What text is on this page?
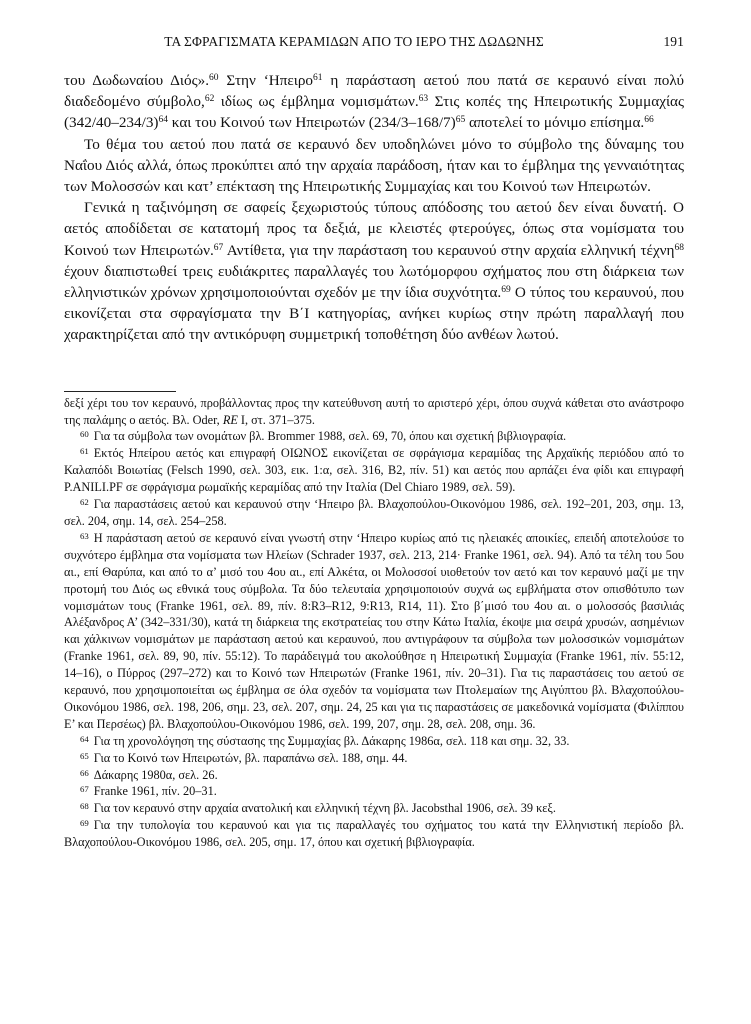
ΤΑ ΣΦΡΑΓΙΣΜΑΤΑ ΚΕΡΑΜΙΔΩΝ ΑΠΟ ΤΟ ΙΕΡΟ ΤΗΣ ΔΩΔΩΝΗΣ	191

του Δωδωναίου Διός».$^{60}$ Στην ‘Ηπειρο$^{61}$ η παράσταση αετού που πατά σε κεραυνό είναι πολύ διαδεδομένο σύμβολο,$^{62}$ ιδίως ως έμβλημα νομισμάτων.$^{63}$ Στις κοπές της Ηπειρωτικής Συμμαχίας $(342/40-234/3)^{64}$ και του Κοινού των Ηπειρωτών $(234/3-168/7)^{65}$ αποτελεί το μόνιμο επίσημα.$^{66}$

Το θέμα του αετού που πατά σε κεραυνό δεν υποδηλώνει μόνο το σύμβολο της δύναμης του Ναΐου Διός αλλά, όπως προκύπτει από την αρχαία παράδοση, ήταν και το έμβλημα της γενναιότητας των Μολοσσών και κατ’ επέκταση της Ηπειρωτικής Συμμαχίας και του Κοινού των Ηπειρωτών.

Γενικά η ταξινόμηση σε σαφείς ξεχωριστούς τύπους απόδοσης του αετού δεν είναι δυνατή. Ο αετός αποδίδεται σε κατατομή προς τα δεξιά, με κλειστές φτερούγες, όπως στα νομίσματα του Κοινού των Ηπειρωτών.$^{67}$ Αντίθετα, για την παράσταση του κεραυνού στην αρχαία ελληνική τέχνη$^{68}$ έχουν διαπιστωθεί τρεις ευδιάκριτες παραλλαγές του λωτόμορφου σχήματος που στη διάρκεια των ελληνιστικών χρόνων χρησιμοποιούνται σχεδόν με την ίδια συχνότητα.$^{69}$ Ο τύπος του κεραυνού, που εικονίζεται στα σφραγίσματα την Β΄Ι κατηγορίας, ανήκει κυρίως στην πρώτη παραλλαγή που χαρακτηρίζεται από την αντικόρυφη συμμετρική τοποθέτηση δύο ανθέων λωτού.

δεξί χέρι του τον κεραυνό, προβάλλοντας προς την κατεύθυνση αυτή το αριστερό χέρι, όπου συχνά κάθεται στο ανάστροφο της παλάμης ο αετός. Βλ. Oder, RE I, στ. 371–375.

$^{60}$ Για τα σύμβολα των ονομάτων βλ. Brommer 1988, σελ. 69, 70, όπου και σχετική βιβλιογραφία.

$^{61}$ Εκτός Ηπείρου αετός και επιγραφή ΟΙΩΝΟΣ εικονίζεται σε σφράγισμα κεραμίδας της Αρχαϊκής περιόδου από το Καλαπόδι Βοιωτίας (Felsch 1990, σελ. 303, εικ. 1:α, σελ. 316, Β2, πίν. 51) και αετός που αρπάζει ένα φίδι και επιγραφή P.ANILI.PF σε σφράγισμα ρωμαϊκής κεραμίδας από την Ιταλία (Del Chiaro 1989, σελ. 59).

$^{62}$ Για παραστάσεις αετού και κεραυνού στην ‘Ηπειρο βλ. Βλαχοπούλου-Οικονόμου 1986, σελ. 192–201, 203, σημ. 13, σελ. 204, σημ. 14, σελ. 254–258.

$^{63}$ Η παράσταση αετού σε κεραυνό είναι γνωστή στην ‘Ηπειρο κυρίως από τις ηλειακές αποικίες, επειδή αποτελούσε το συχνότερο έμβλημα στα νομίσματα των Ηλείων (Schrader 1937, σελ. 213, 214· Franke 1961, σελ. 94). Από τα τέλη του 5ου αι., επί Θαρύπα, και από το α’ μισό του 4ου αι., επί Αλκέτα, οι Μολοσσοί υιοθετούν τον αετό και τον κεραυνό μαζί με την προτομή του Διός ως εθνικά τους σύμβολα. Τα δύο τελευταία χρησιμοποιούν συχνά ως εμβλήματα στον οπισθότυπο των νομισμάτων τους (Franke 1961, σελ. 89, πίν. 8:R3–R12, 9:R13, R14, 11). Στο β΄μισό του 4ου αι. ο μολοσσός βασιλιάς Αλέξανδρος Α’ (342–331/30), κατά τη διάρκεια της εκστρατείας του στην Κάτω Ιταλία, έκοψε μια σειρά χρυσών, ασημένιων και χάλκινων νομισμάτων με παράσταση αετού και κεραυνού, που αντιγράφουν τα σύμβολα των μολοσσικών νομισμάτων (Franke 1961, σελ. 89, 90, πίν. 55:12). Το παράδειγμά του ακολούθησε η Ηπειρωτική Συμμαχία (Franke 1961, πίν. 55:12, 14–16), ο Πύρρος (297–272) και το Κοινό των Ηπειρωτών (Franke 1961, πίν. 20–31). Για τις παραστάσεις του αετού σε κεραυνό, που χρησιμοποιείται ως έμβλημα σε όλα σχεδόν τα νομίσματα των Πτολεμαίων της Αιγύπτου βλ. Βλαχοπούλου-Οικονόμου 1986, σελ. 198, 206, σημ. 23, σελ. 207, σημ. 24, 25 και για τις παραστάσεις σε μακεδονικά νομίσματα (Φιλίππου Ε’ και Περσέως) βλ. Βλαχοπούλου-Οικονόμου 1986, σελ. 199, 207, σημ. 28, σελ. 208, σημ. 36.

$^{64}$ Για τη χρονολόγηση της σύστασης της Συμμαχίας βλ. Δάκαρης 1986α, σελ. 118 και σημ. 32, 33.

$^{65}$ Για το Κοινό των Ηπειρωτών, βλ. παραπάνω σελ. 188, σημ. 44.

$^{66}$ Δάκαρης 1980α, σελ. 26.

$^{67}$ Franke 1961, πίν. 20–31.

$^{68}$ Για τον κεραυνό στην αρχαία ανατολική και ελληνική τέχνη βλ. Jacobsthal 1906, σελ. 39 κεξ.

$^{69}$ Για την τυπολογία του κεραυνού και για τις παραλλαγές του σχήματος του κατά την Ελληνιστική περίοδο βλ. Βλαχοπούλου-Οικονόμου 1986, σελ. 205, σημ. 17, όπου και σχετική βιβλιογραφία.
